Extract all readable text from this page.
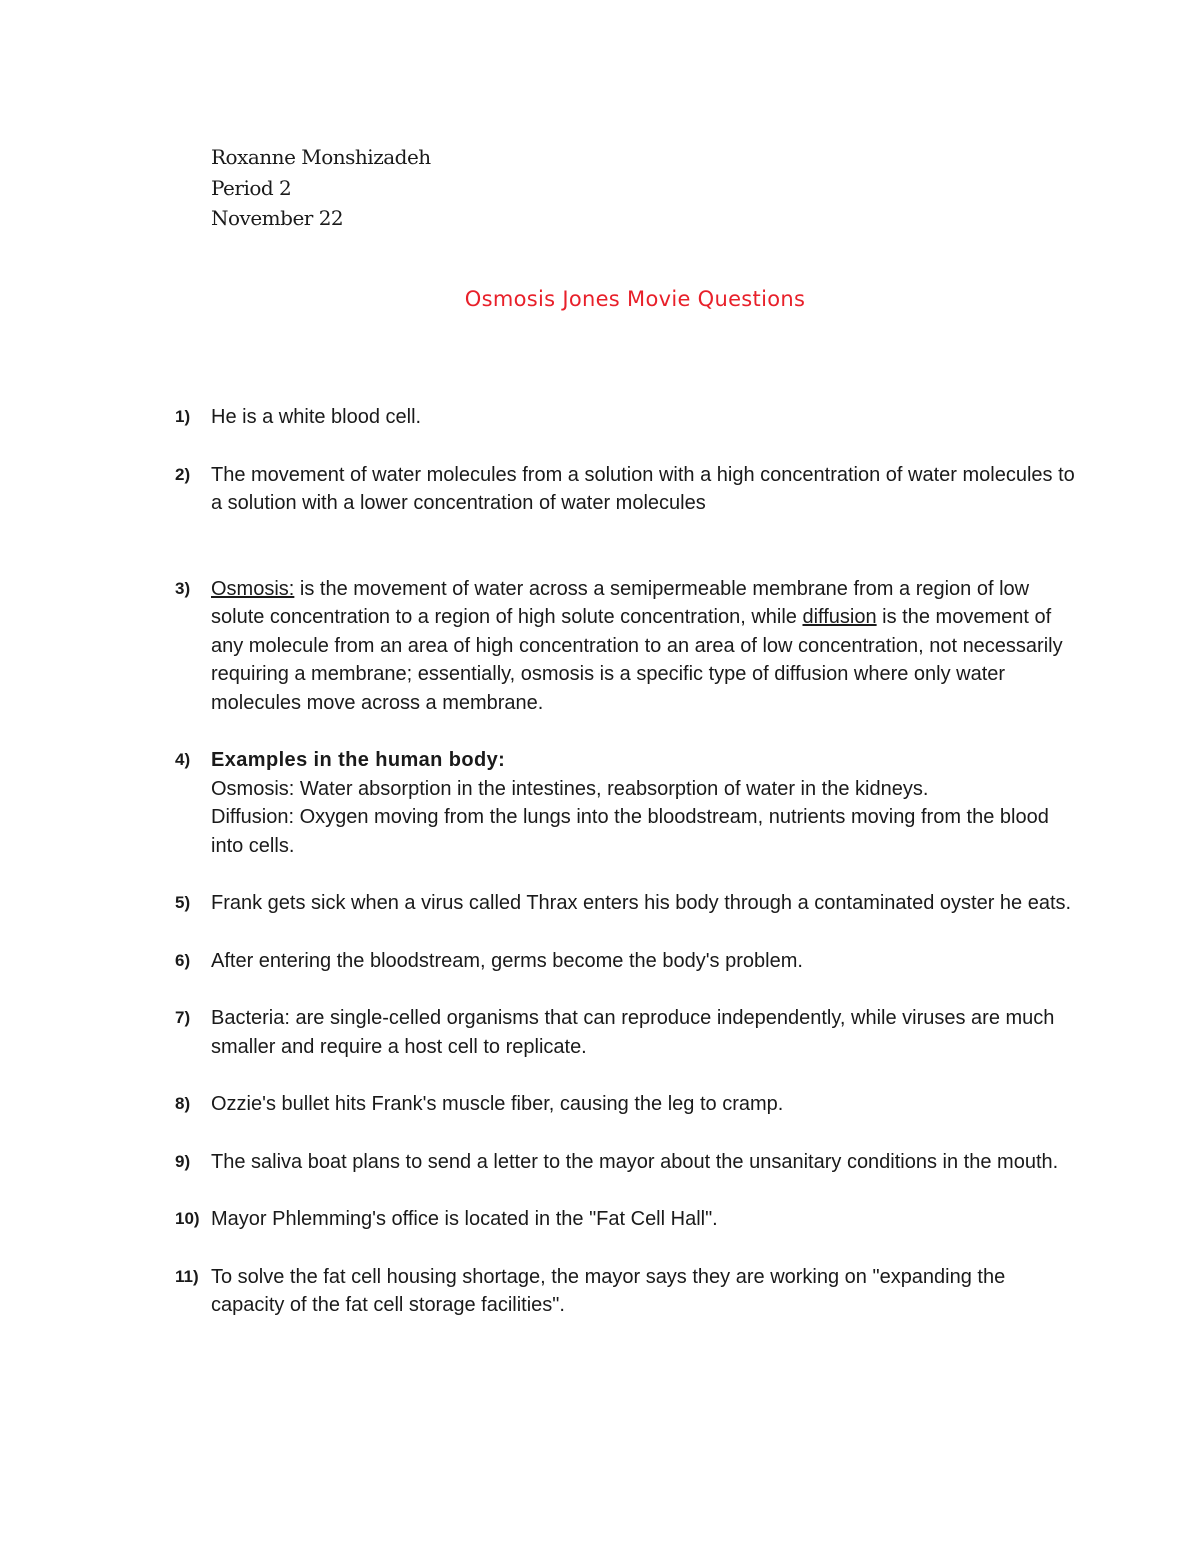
Roxanne Monshizadeh
Period 2
November 22
Osmosis Jones Movie Questions
1) He is a white blood cell.
2) The movement of water molecules from a solution with a high concentration of water molecules to a solution with a lower concentration of water molecules
3) Osmosis: is the movement of water across a semipermeable membrane from a region of low solute concentration to a region of high solute concentration, while diffusion is the movement of any molecule from an area of high concentration to an area of low concentration, not necessarily requiring a membrane; essentially, osmosis is a specific type of diffusion where only water molecules move across a membrane.
4) Examples in the human body:
Osmosis: Water absorption in the intestines, reabsorption of water in the kidneys.
Diffusion: Oxygen moving from the lungs into the bloodstream, nutrients moving from the blood into cells.
5) Frank gets sick when a virus called Thrax enters his body through a contaminated oyster he eats.
6) After entering the bloodstream, germs become the body's problem.
7) Bacteria: are single-celled organisms that can reproduce independently, while viruses are much smaller and require a host cell to replicate.
8) Ozzie's bullet hits Frank's muscle fiber, causing the leg to cramp.
9) The saliva boat plans to send a letter to the mayor about the unsanitary conditions in the mouth.
10) Mayor Phlemming's office is located in the "Fat Cell Hall".
11) To solve the fat cell housing shortage, the mayor says they are working on "expanding the capacity of the fat cell storage facilities".
